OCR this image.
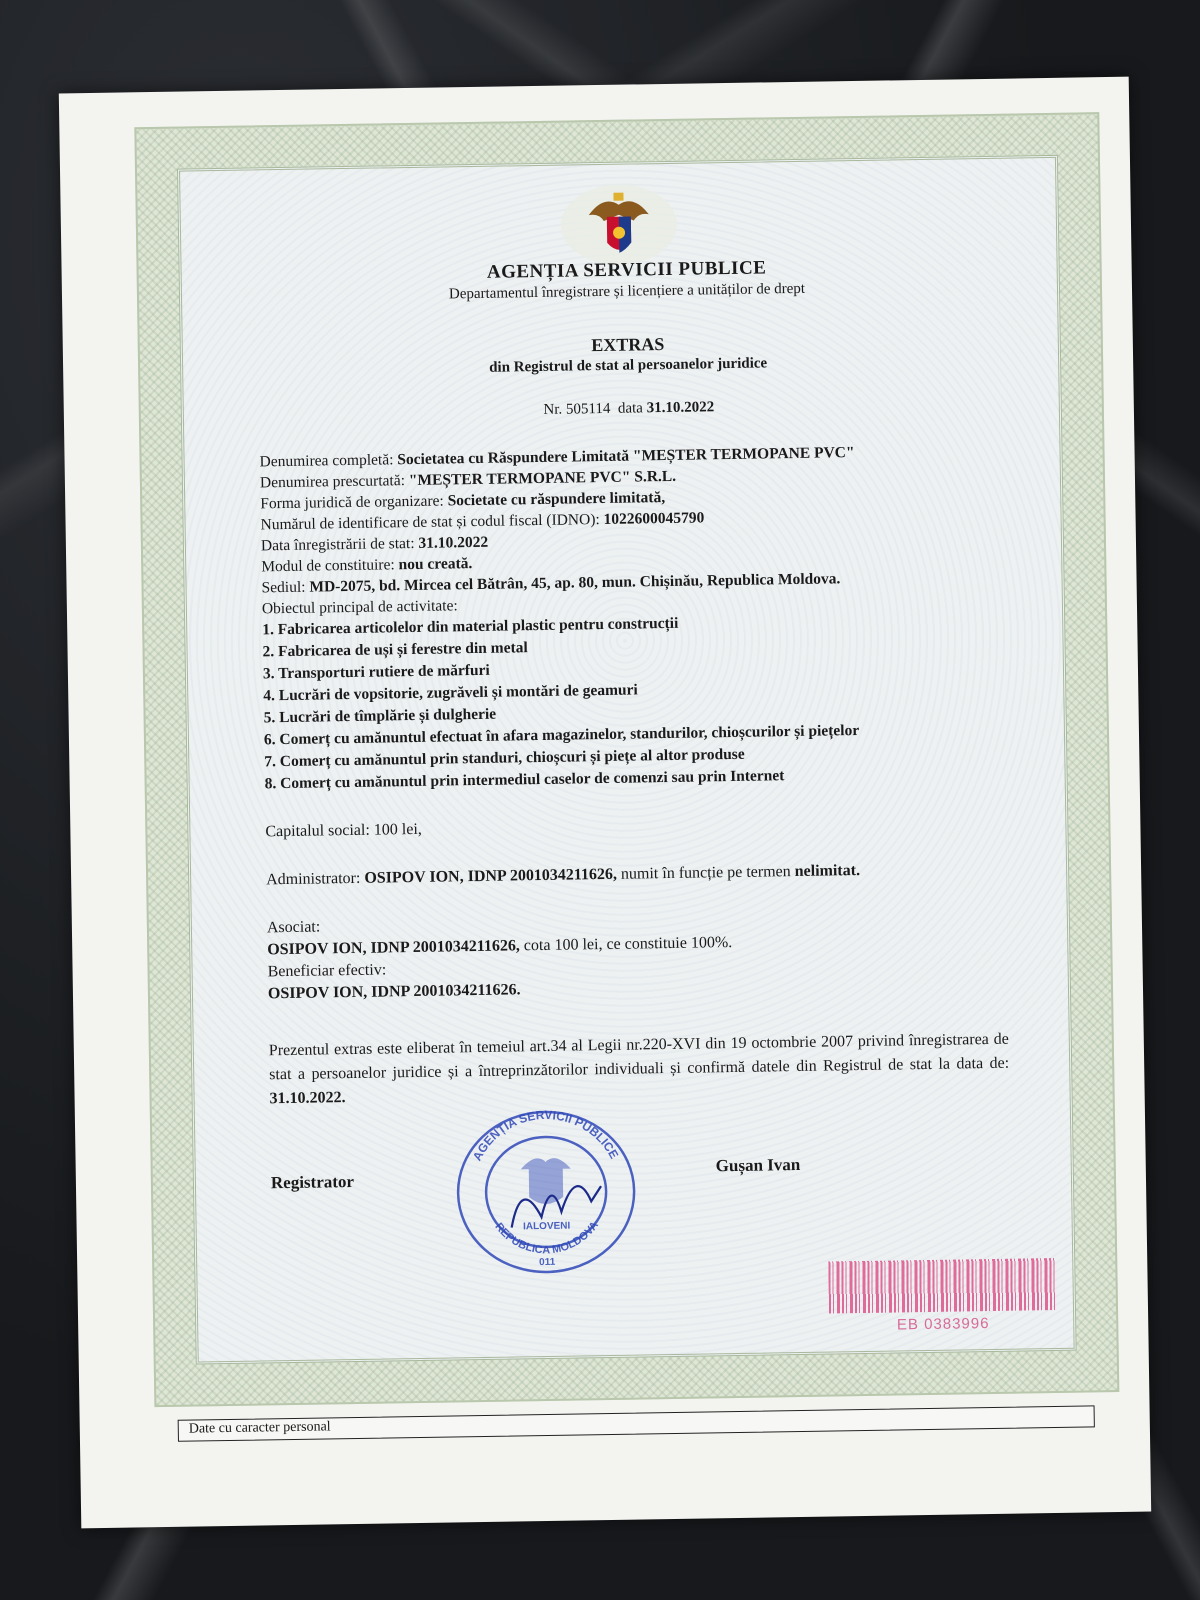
AGENȚIA SERVICII PUBLICE
Departamentul înregistrare și licențiere a unităților de drept
EXTRAS
din Registrul de stat al persoanelor juridice
Nr. 505114 data 31.10.2022
Denumirea completă: Societatea cu Răspundere Limitată "MEȘTER TERMOPANE PVC"
Denumirea prescurtată: "MEȘTER TERMOPANE PVC" S.R.L.
Forma juridică de organizare: Societate cu răspundere limitată,
Numărul de identificare de stat și codul fiscal (IDNO): 1022600045790
Data înregistrării de stat: 31.10.2022
Modul de constituire: nou creată.
Sediul: MD-2075, bd. Mircea cel Bătrân, 45, ap. 80, mun. Chișinău, Republica Moldova.
Obiectul principal de activitate:
1. Fabricarea articolelor din material plastic pentru construcții
2. Fabricarea de uși și ferestre din metal
3. Transporturi rutiere de mărfuri
4. Lucrări de vopsitorie, zugrăveli și montări de geamuri
5. Lucrări de tîmplărie și dulgherie
6. Comerț cu amănuntul efectuat în afara magazinelor, standurilor, chioșcurilor și piețelor
7. Comerț cu amănuntul prin standuri, chioșcuri și piețe al altor produse
8. Comerț cu amănuntul prin intermediul caselor de comenzi sau prin Internet
Capitalul social: 100 lei,
Administrator: OSIPOV ION, IDNP 2001034211626, numit în funcție pe termen nelimitat.
Asociat:
OSIPOV ION, IDNP 2001034211626, cota 100 lei, ce constituie 100%.
Beneficiar efectiv:
OSIPOV ION, IDNP 2001034211626.
Prezentul extras este eliberat în temeiul art.34 al Legii nr.220-XVI din 19 octombrie 2007 privind înregistrarea de stat a persoanelor juridice și a întreprinzătorilor individuali și confirmă datele din Registrul de stat la data de: 31.10.2022.
Registrator
AGENȚIA SERVICII PUBLICE
REPUBLICA MOLDOVA
IALOVENI
011
Gușan Ivan
EB 0383996
Date cu caracter personal
